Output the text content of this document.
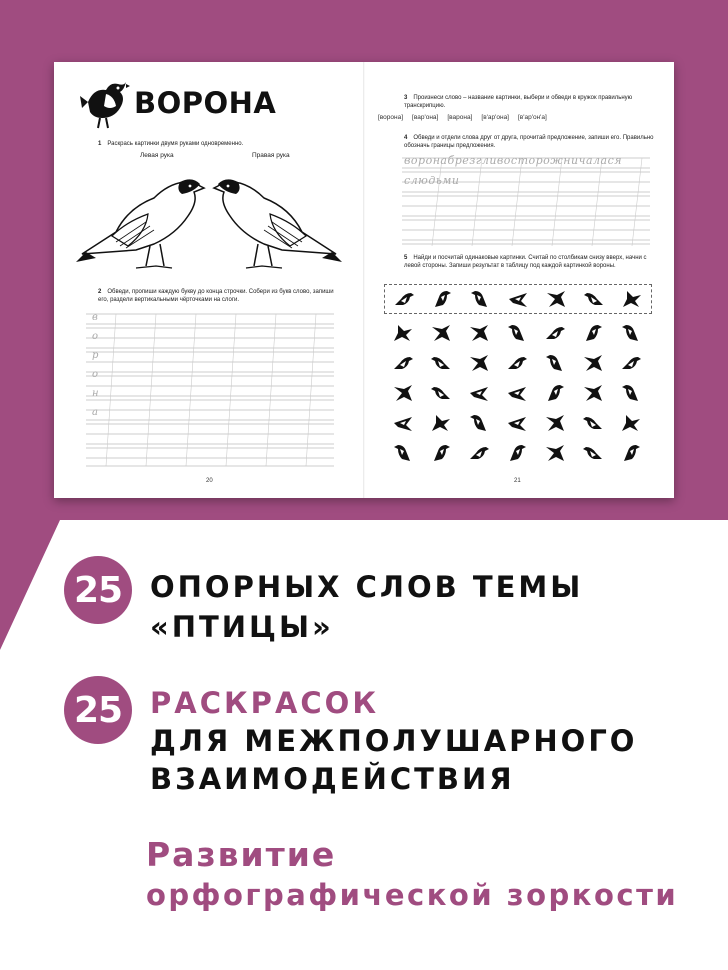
ВОРОНА
1 Раскрась картинки двумя руками одновременно.
Левая рука	Правая рука
2 Обведи, пропиши каждую букву до конца строчки. Собери из букв слово, запиши его, раздели вертикальными чёрточками на слоги.
в
о
р
о
н
а
20
3 Произнеси слово – название картинки, выбери и обведи в кружок правильную транскрипцию.
[ворона] [вар'она] [варона] [в'ар'она] [в'ар'он'а]
4 Обведи и отдели слова друг от друга, прочитай предложение, запиши его. Правильно обозначь границы предложения.
воронабрезгливосторожничалася
слюдьми
5 Найди и посчитай одинаковые картинки. Считай по столбикам снизу вверх, начни с левой стороны. Запиши результат в таблицу под каждой картинкой вороны.
21
25 ОПОРНЫХ СЛОВ ТЕМЫ
«ПТИЦЫ»
25 РАСКРАСОК
ДЛЯ МЕЖПОЛУШАРНОГО
ВЗАИМОДЕЙСТВИЯ
Развитие
орфографической зоркости
